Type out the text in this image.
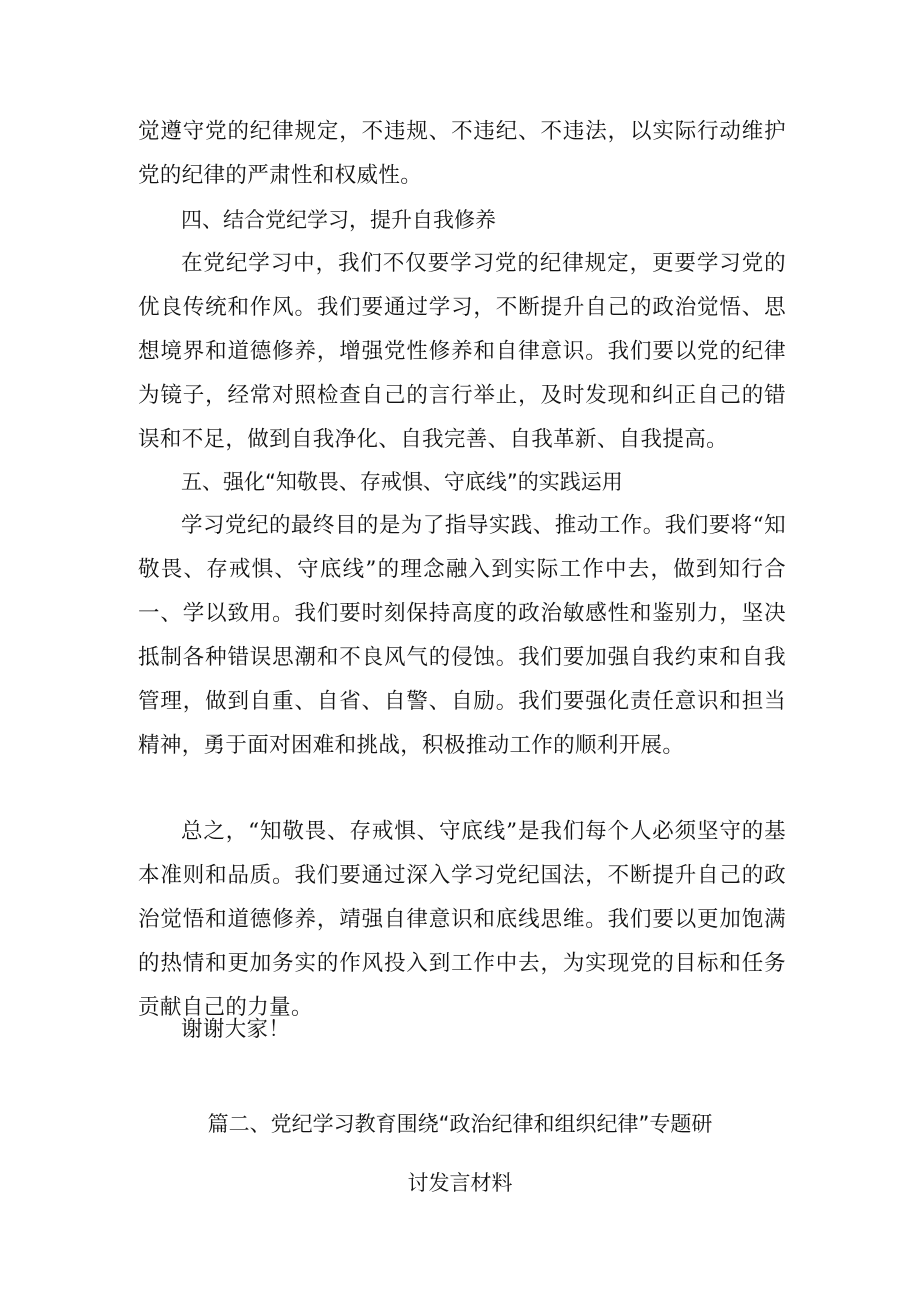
觉遵守党的纪律规定，不违规、不违纪、不违法，以实际行动维护党的纪律的严肃性和权威性。

四、结合党纪学习，提升自我修养

在党纪学习中，我们不仅要学习党的纪律规定，更要学习党的优良传统和作风。我们要通过学习，不断提升自己的政治觉悟、思想境界和道德修养，增强党性修养和自律意识。我们要以党的纪律为镜子，经常对照检查自己的言行举止，及时发现和纠正自己的错误和不足，做到自我净化、自我完善、自我革新、自我提高。

五、强化“知敬畏、存戒惧、守底线”的实践运用

学习党纪的最终目的是为了指导实践、推动工作。我们要将“知敬畏、存戒惧、守底线”的理念融入到实际工作中去，做到知行合一、学以致用。我们要时刻保持高度的政治敏感性和鉴别力，坚决抵制各种错误思潮和不良风气的侵蚀。我们要加强自我约束和自我管理，做到自重、自省、自警、自励。我们要强化责任意识和担当精神，勇于面对困难和挑战，积极推动工作的顺利开展。

总之，“知敬畏、存戒惧、守底线”是我们每个人必须坚守的基本准则和品质。我们要通过深入学习党纪国法，不断提升自己的政治觉悟和道德修养，靖强自律意识和底线思维。我们要以更加饱满的热情和更加务实的作风投入到工作中去，为实现党的目标和任务贡献自己的力量。

谢谢大家！

篇二、党纪学习教育围绕“政治纪律和组织纪律”专题研
讨发言材料
